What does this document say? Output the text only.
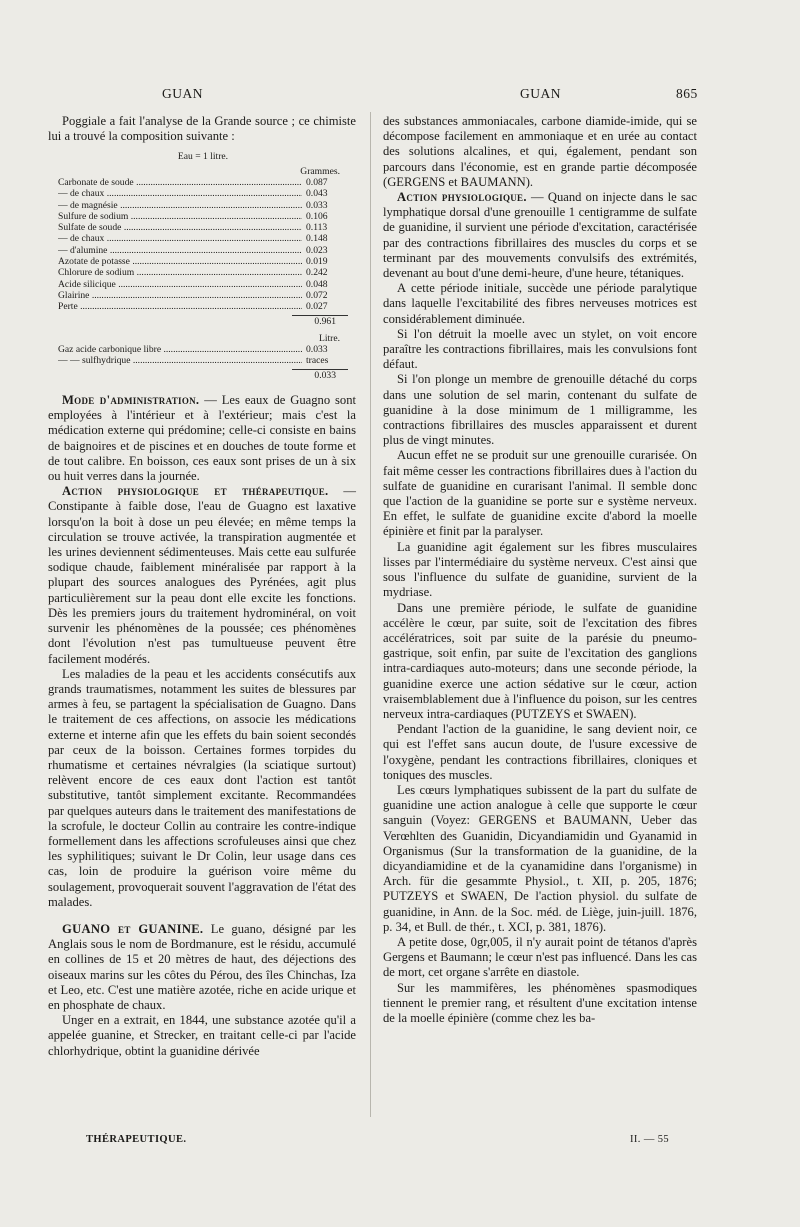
GUAN	GUAN	865

Poggiale a fait l'analyse de la Grande source ; ce chimiste lui a trouvé la composition suivante :

Eau = 1 litre.
Grammes.
Carbonate de soude .....	0.087
— de chaux .....	0.043
— de magnésie .....	0.033
Sulfure de sodium .....	0.106
Sulfate de soude .....	0.113
— de chaux .....	0.148
— d'alumine .....	0.023
Azotate de potasse .....	0.019
Chlorure de sodium .....	0.242
Acide silicique .....	0.048
Glairine .....	0.072
Perte .....	0.027
0.961
Litre.
Gaz acide carbonique libre .....	0.033
— — sulfhydrique .....	traces
0.033

Mode d'administration. — Les eaux de Guagno sont employées à l'intérieur et à l'extérieur; mais c'est la médication externe qui prédomine; celle-ci consiste en bains de baignoires et de piscines et en douches de toute forme et de tout calibre. En boisson, ces eaux sont prises de un à six ou huit verres dans la journée.

Action physiologique et thérapeutique. — Constipante à faible dose, l'eau de Guagno est laxative lorsqu'on la boit à dose un peu élevée; en même temps la circulation se trouve activée, la transpiration augmentée et les urines deviennent sédimenteuses. Mais cette eau sulfurée sodique chaude, faiblement minéralisée par rapport à la plupart des sources analogues des Pyrénées, agit plus particulièrement sur la peau dont elle excite les fonctions. Dès les premiers jours du traitement hydrominéral, on voit survenir les phénomènes de la poussée; ces phénomènes dont l'évolution n'est pas tumultueuse peuvent être facilement modérés.

Les maladies de la peau et les accidents consécutifs aux grands traumatismes, notamment les suites de blessures par armes à feu, se partagent la spécialisation de Guagno. Dans le traitement de ces affections, on associe les médications externe et interne afin que les effets du bain soient secondés par ceux de la boisson. Certaines formes torpides du rhumatisme et certaines névralgies (la sciatique surtout) relèvent encore de ces eaux dont l'action est tantôt substitutive, tantôt simplement excitante. Recommandées par quelques auteurs dans le traitement des manifestations de la scrofule, le docteur Collin au contraire les contre-indique formellement dans les affections scrofuleuses ainsi que chez les syphilitiques; suivant le Dr Colin, leur usage dans ces cas, loin de produire la guérison voire même du soulagement, provoquerait souvent l'aggravation de l'état des malades.

GUANO et GUANINE. Le guano, désigné par les Anglais sous le nom de Bordmanure, est le résidu, accumulé en collines de 15 et 20 mètres de haut, des déjections des oiseaux marins sur les côtes du Pérou, des îles Chinchas, Iza et Leo, etc. C'est une matière azotée, riche en acide urique et en phosphate de chaux.

Unger en a extrait, en 1844, une substance azotée qu'il a appelée guanine, et Strecker, en traitant celle-ci par l'acide chlorhydrique, obtint la guanidine dérivée

des substances ammoniacales, carbone diamide-imide, qui se décompose facilement en ammoniaque et en urée au contact des solutions alcalines, et qui, également, pendant son parcours dans l'économie, est en grande partie décomposée (GERGENS et BAUMANN).

Action physiologique. — Quand on injecte dans le sac lymphatique dorsal d'une grenouille 1 centigramme de sulfate de guanidine, il survient une période d'excitation, caractérisée par des contractions fibrillaires des muscles du corps et se terminant par des mouvements convulsifs des extrémités, devenant au bout d'une demi-heure, d'une heure, tétaniques.

A cette période initiale, succède une période paralytique dans laquelle l'excitabilité des fibres nerveuses motrices est considérablement diminuée.

Si l'on détruit la moelle avec un stylet, on voit encore paraître les contractions fibrillaires, mais les convulsions font défaut.

Si l'on plonge un membre de grenouille détaché du corps dans une solution de sel marin, contenant du sulfate de guanidine à la dose minimum de 1 milligramme, les contractions fibrillaires des muscles apparaissent et durent plus de vingt minutes.

Aucun effet ne se produit sur une grenouille curarisée. On fait même cesser les contractions fibrillaires dues à l'action du sulfate de guanidine en curarisant l'animal. Il semble donc que l'action de la guanidine se porte sur e système nerveux. En effet, le sulfate de guanidine excite d'abord la moelle épinière et finit par la paralyser.

La guanidine agit également sur les fibres musculaires lisses par l'intermédiaire du système nerveux. C'est ainsi que sous l'influence du sulfate de guanidine, survient de la mydriase.

Dans une première période, le sulfate de guanidine accélère le cœur, par suite, soit de l'excitation des fibres accélératrices, soit par suite de la parésie du pneumo-gastrique, soit enfin, par suite de l'excitation des ganglions intra-cardiaques auto-moteurs; dans une seconde période, la guanidine exerce une action sédative sur le cœur, action vraisemblablement due à l'influence du poison, sur les centres nerveux intra-cardiaques (PUTZEYS et SWAEN).

Pendant l'action de la guanidine, le sang devient noir, ce qui est l'effet sans aucun doute, de l'usure excessive de l'oxygène, pendant les contractions fibrillaires, cloniques et toniques des muscles.

Les cœurs lymphatiques subissent de la part du sulfate de guanidine une action analogue à celle que supporte le cœur sanguin (Voyez: GERGENS et BAUMANN, Ueber das Verœhlten des Guanidin, Dicyandiamidin und Gyanamid in Organismus (Sur la transformation de la guanidine, de la dicyandiamidine et de la cyanamidine dans l'organisme) in Arch. für die gesammte Physiol., t. XII, p. 205, 1876; PUTZEYS et SWAEN, De l'action physiol. du sulfate de guanidine, in Ann. de la Soc. méd. de Liège, juin-juill. 1876, p. 34, et Bull. de thér., t. XCI, p. 381, 1876).

A petite dose, 0gr,005, il n'y aurait point de tétanos d'après Gergens et Baumann; le cœur n'est pas influencé. Dans les cas de mort, cet organe s'arrête en diastole.

Sur les mammifères, les phénomènes spasmodiques tiennent le premier rang, et résultent d'une excitation intense de la moelle épinière (comme chez les ba-

THÉRAPEUTIQUE.	II. — 55
